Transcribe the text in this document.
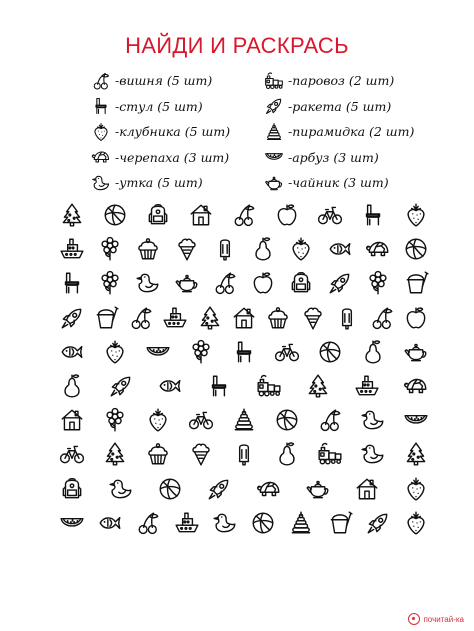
НАЙДИ И РАСКРАСЬ
-вишня (5 шт)
-стул (5 шт)
-клубника (5 шт)
-черепаха (3 шт)
-утка (5 шт)
-паровоз (2 шт)
-ракета (5 шт)
-пирамидка (2 шт)
-арбуз (3 шт)
-чайник (3 шт)
почитай-ка
